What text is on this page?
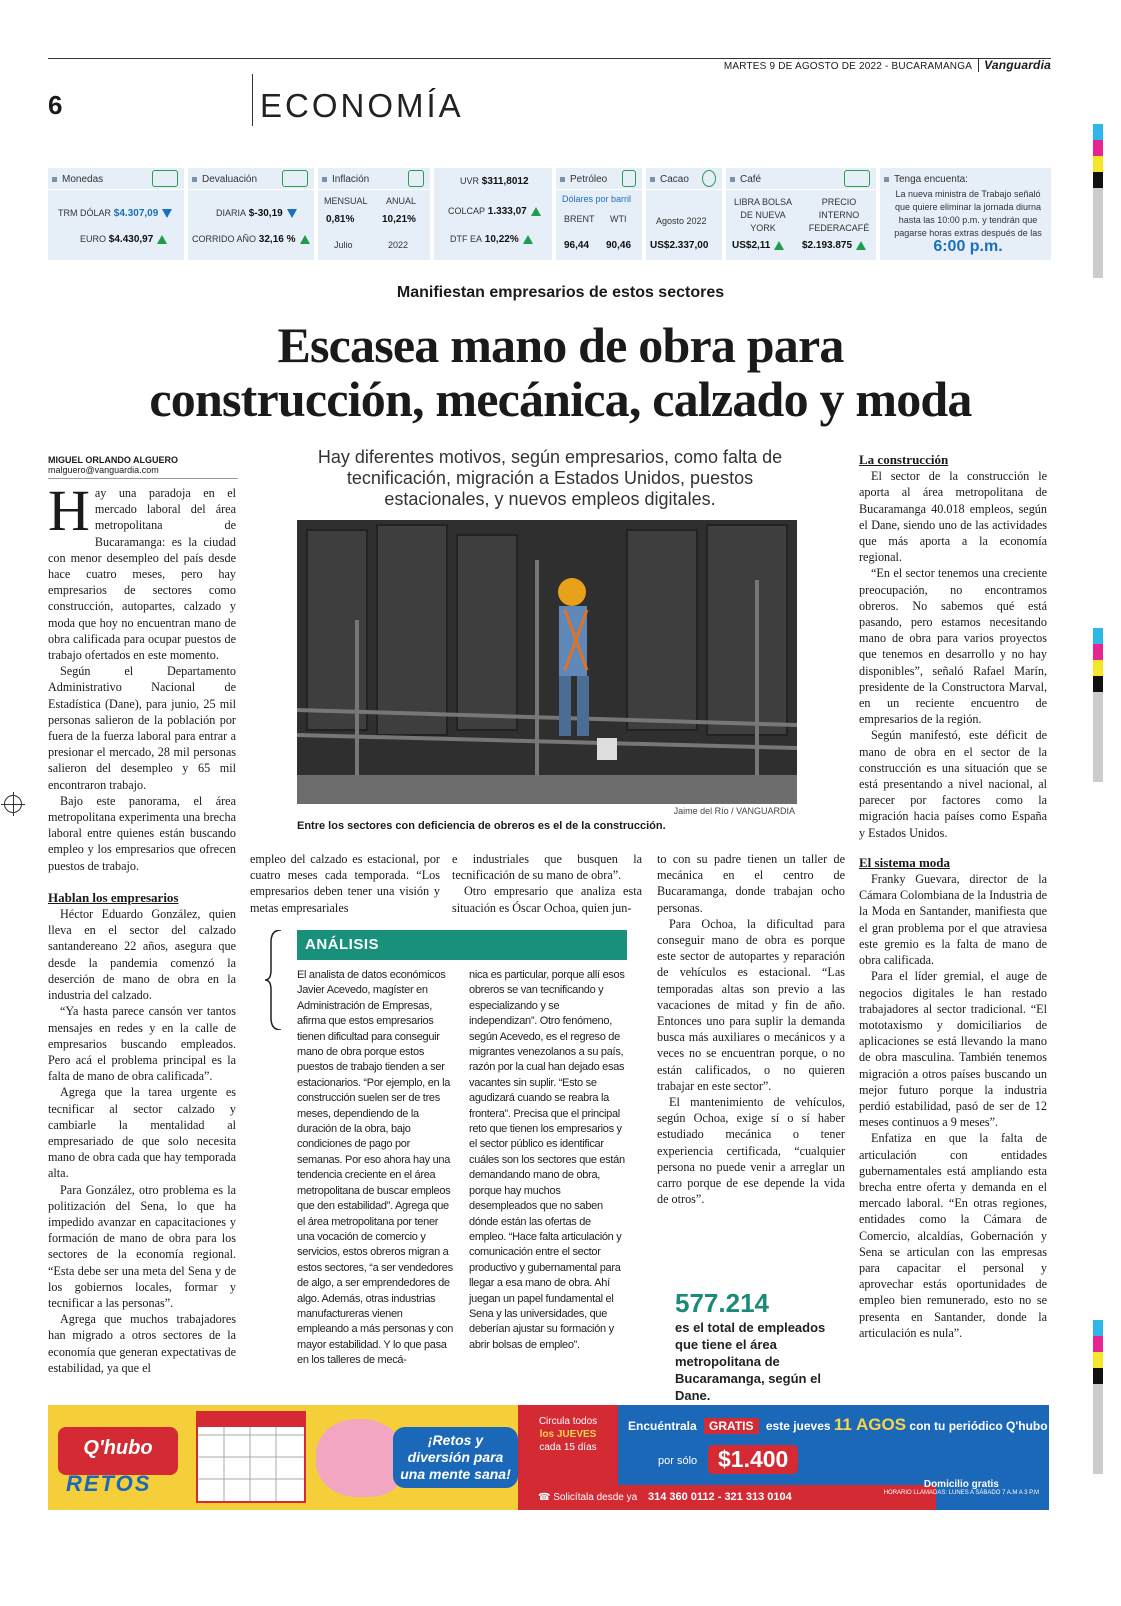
MARTES 9 DE AGOSTO DE 2022 - BUCARAMANGA Vanguardia
6	ECONOMÍA
Monedas
TRM DÓLAR $4.307,09
EURO $4.430,97
Devaluación
DIARIA $-30,19
CORRIDO AÑO 32,16 %
Inflación
MENSUAL
0,81%
Julio
ANUAL
10,21%
2022
UVR $311,8012
COLCAP 1.333,07
DTF EA 10,22%
Petróleo
Dólares por barril
BRENT
96,44
WTI
90,46
Cacao
Agosto 2022
US$2.337,00
Café
LIBRA BOLSA DE NUEVA YORK
US$2,11
PRECIO INTERNO FEDERACAFÉ
$2.193.875
Tenga encuenta:
La nueva ministra de Trabajo señaló que quiere eliminar la jornada diurna hasta las 10:00 p.m. y tendrán que pagarse horas extras después de las 6:00 p.m.
Manifiestan empresarios de estos sectores
Escasea mano de obra para
construcción, mecánica, calzado y moda
Hay diferentes motivos, según empresarios, como falta de tecnificación, migración a Estados Unidos, puestos estacionales, y nuevos empleos digitales.
MIGUEL ORLANDO ALGUERO
malguero@vanguardia.com

Hay una paradoja en el mercado laboral del área metropolitana de Bucaramanga: es la ciudad con menor desempleo del país desde hace cuatro meses, pero hay empresarios de sectores como construcción, autopartes, calzado y moda que hoy no encuentran mano de obra calificada para ocupar puestos de trabajo ofertados en este momento.

Según el Departamento Administrativo Nacional de Estadística (Dane), para junio, 25 mil personas salieron de la población por fuera de la fuerza laboral para entrar a presionar el mercado, 28 mil personas salieron del desempleo y 65 mil encontraron trabajo.

Bajo este panorama, el área metropolitana experimenta una brecha laboral entre quienes están buscando empleo y los empresarios que ofrecen puestos de trabajo.

Hablan los empresarios

Héctor Eduardo González, quien lleva en el sector del calzado santandereano 22 años, asegura que desde la pandemia comenzó la deserción de mano de obra en la industria del calzado.

“Ya hasta parece cansón ver tantos mensajes en redes y en la calle de empresarios buscando empleados. Pero acá el problema principal es la falta de mano de obra calificada”.

Agrega que la tarea urgente es tecnificar al sector calzado y cambiarle la mentalidad al empresariado de que solo necesita mano de obra cada que hay temporada alta.

Para González, otro problema es la politización del Sena, lo que ha impedido avanzar en capacitaciones y formación de mano de obra para los sectores de la economía regional. “Esta debe ser una meta del Sena y de los gobiernos locales, formar y tecnificar a las personas”.

Agrega que muchos trabajadores han migrado a otros sectores de la economía que generan expectativas de estabilidad, ya que el

Jaime del Río / VANGUARDIA
Entre los sectores con deficiencia de obreros es el de la construcción.

empleo del calzado es estacional, por cuatro meses cada temporada. “Los empresarios deben tener una visión y metas empresariales

e industriales que busquen la tecnificación de su mano de obra”.

Otro empresario que analiza esta situación es Óscar Ochoa, quien jun-

ANÁLISIS
El analista de datos económicos Javier Acevedo, magíster en Administración de Empresas, afirma que estos empresarios tienen dificultad para conseguir mano de obra porque estos puestos de trabajo tienden a ser estacionarios. “Por ejemplo, en la construcción suelen ser de tres meses, dependiendo de la duración de la obra, bajo condiciones de pago por semanas. Por eso ahora hay una tendencia creciente en el área metropolitana de buscar empleos que den estabilidad”. Agrega que el área metropolitana por tener una vocación de comercio y servicios, estos obreros migran a estos sectores, “a ser vendedores de algo, a ser emprendedores de algo. Además, otras industrias manufactureras vienen empleando a más personas y con mayor estabilidad. Y lo que pasa en los talleres de mecá-
nica es particular, porque allí esos obreros se van tecnificando y especializando y se independizan”. Otro fenómeno, según Acevedo, es el regreso de migrantes venezolanos a su país, razón por la cual han dejado esas vacantes sin suplir. “Esto se agudizará cuando se reabra la frontera”. Precisa que el principal reto que tienen los empresarios y el sector público es identificar cuáles son los sectores que están demandando mano de obra, porque hay muchos desempleados que no saben dónde están las ofertas de empleo. “Hace falta articulación y comunicación entre el sector productivo y gubernamental para llegar a esa mano de obra. Ahí juegan un papel fundamental el Sena y las universidades, que deberían ajustar su formación y abrir bolsas de empleo”.

to con su padre tienen un taller de mecánica en el centro de Bucaramanga, donde trabajan ocho personas.

Para Ochoa, la dificultad para conseguir mano de obra es porque este sector de autopartes y reparación de vehículos es estacional. “Las temporadas altas son previo a las vacaciones de mitad y fin de año. Entonces uno para suplir la demanda busca más auxiliares o mecánicos y a veces no se encuentran porque, o no están calificados, o no quieren trabajar en este sector”.

El mantenimiento de vehículos, según Ochoa, exige sí o sí haber estudiado mecánica o tener experiencia certificada, “cualquier persona no puede venir a arreglar un carro porque de ese depende la vida de otros”.

577.214
es el total de empleados que tiene el área metropolitana de Bucaramanga, según el Dane.
La construcción

El sector de la construcción le aporta al área metropolitana de Bucaramanga 40.018 empleos, según el Dane, siendo uno de las actividades que más aporta a la economía regional.

“En el sector tenemos una creciente preocupación, no encontramos obreros. No sabemos qué está pasando, pero estamos necesitando mano de obra para varios proyectos que tenemos en desarrollo y no hay disponibles”, señaló Rafael Marín, presidente de la Constructora Marval, en un reciente encuentro de empresarios de la región.

Según manifestó, este déficit de mano de obra en el sector de la construcción es una situación que se está presentando a nivel nacional, al parecer por factores como la migración hacia países como España y Estados Unidos.

El sistema moda

Franky Guevara, director de la Cámara Colombiana de la Industria de la Moda en Santander, manifiesta que el gran problema por el que atraviesa este gremio es la falta de mano de obra calificada.

Para el líder gremial, el auge de negocios digitales le han restado trabajadores al sector tradicional. “El mototaxismo y domiciliarios de aplicaciones se está llevando la mano de obra masculina. También tenemos migración a otros países buscando un mejor futuro porque la industria perdió estabilidad, pasó de ser de 12 meses continuos a 9 meses”.

Enfatiza en que la falta de articulación con entidades gubernamentales está ampliando esta brecha entre oferta y demanda en el mercado laboral. “En otras regiones, entidades como la Cámara de Comercio, alcaldías, Gobernación y Sena se articulan con las empresas para capacitar el personal y aprovechar estás oportunidades de empleo bien remunerado, esto no se presenta en Santander, donde la articulación es nula”.

Q'hubo
RETOS
¡Retos y diversión para una mente sana!
Circula todos
los JUEVES
cada 15 días
Encuéntrala GRATIS este jueves 11 AGOS con tu periódico Q'hubo
por sólo $1.400
☎ Solicítala desde ya 314 360 0112 - 321 313 0104
Domicilio gratis
HORARIO LLAMADAS: LUNES A SÁBADO 7 A.M A 3 P.M
